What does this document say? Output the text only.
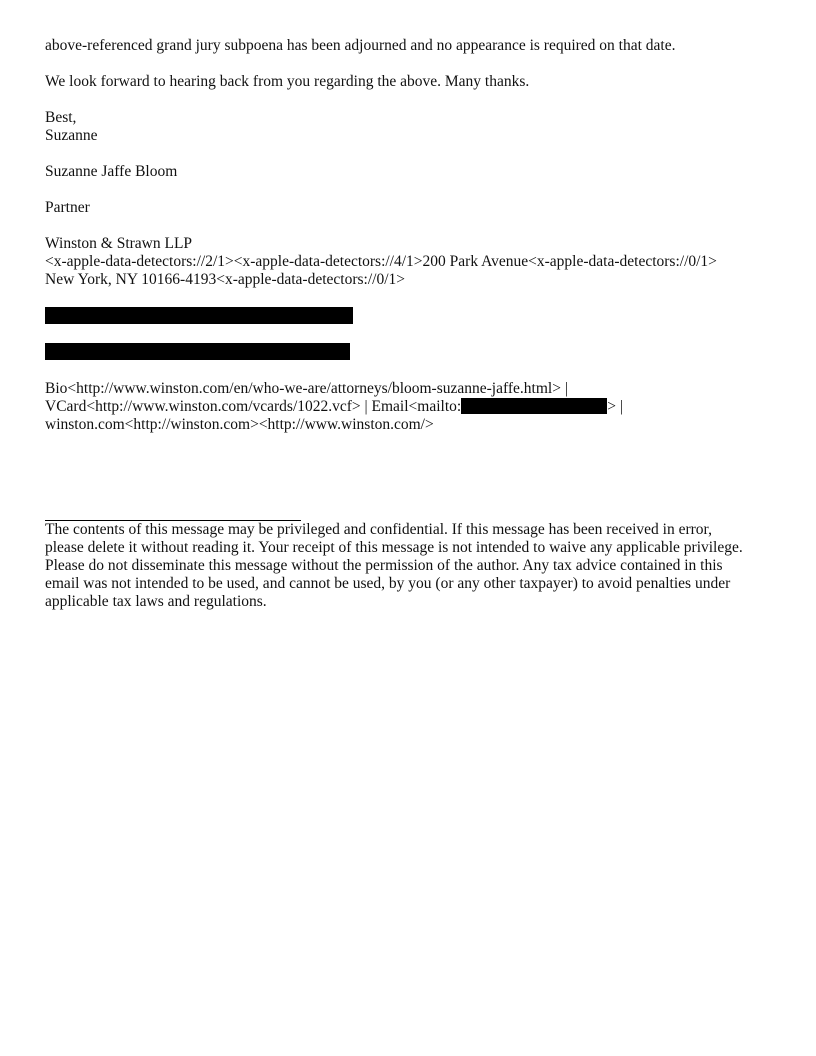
above-referenced grand jury subpoena has been adjourned and no appearance is required on that date.
We look forward to hearing back from you regarding the above. Many thanks.
Best,
Suzanne
Suzanne Jaffe Bloom
Partner
Winston & Strawn LLP
<x-apple-data-detectors://2/1><x-apple-data-detectors://4/1>200 Park Avenue<x-apple-data-detectors://0/1>
New York, NY 10166-4193<x-apple-data-detectors://0/1>
Bio<http://www.winston.com/en/who-we-are/attorneys/bloom-suzanne-jaffe.html> |
VCard<http://www.winston.com/vcards/1022.vcf> | Email<mailto:	> |
winston.com<http://winston.com><http://www.winston.com/>
The contents of this message may be privileged and confidential. If this message has been received in error,
please delete it without reading it. Your receipt of this message is not intended to waive any applicable privilege.
Please do not disseminate this message without the permission of the author. Any tax advice contained in this
email was not intended to be used, and cannot be used, by you (or any other taxpayer) to avoid penalties under
applicable tax laws and regulations.
